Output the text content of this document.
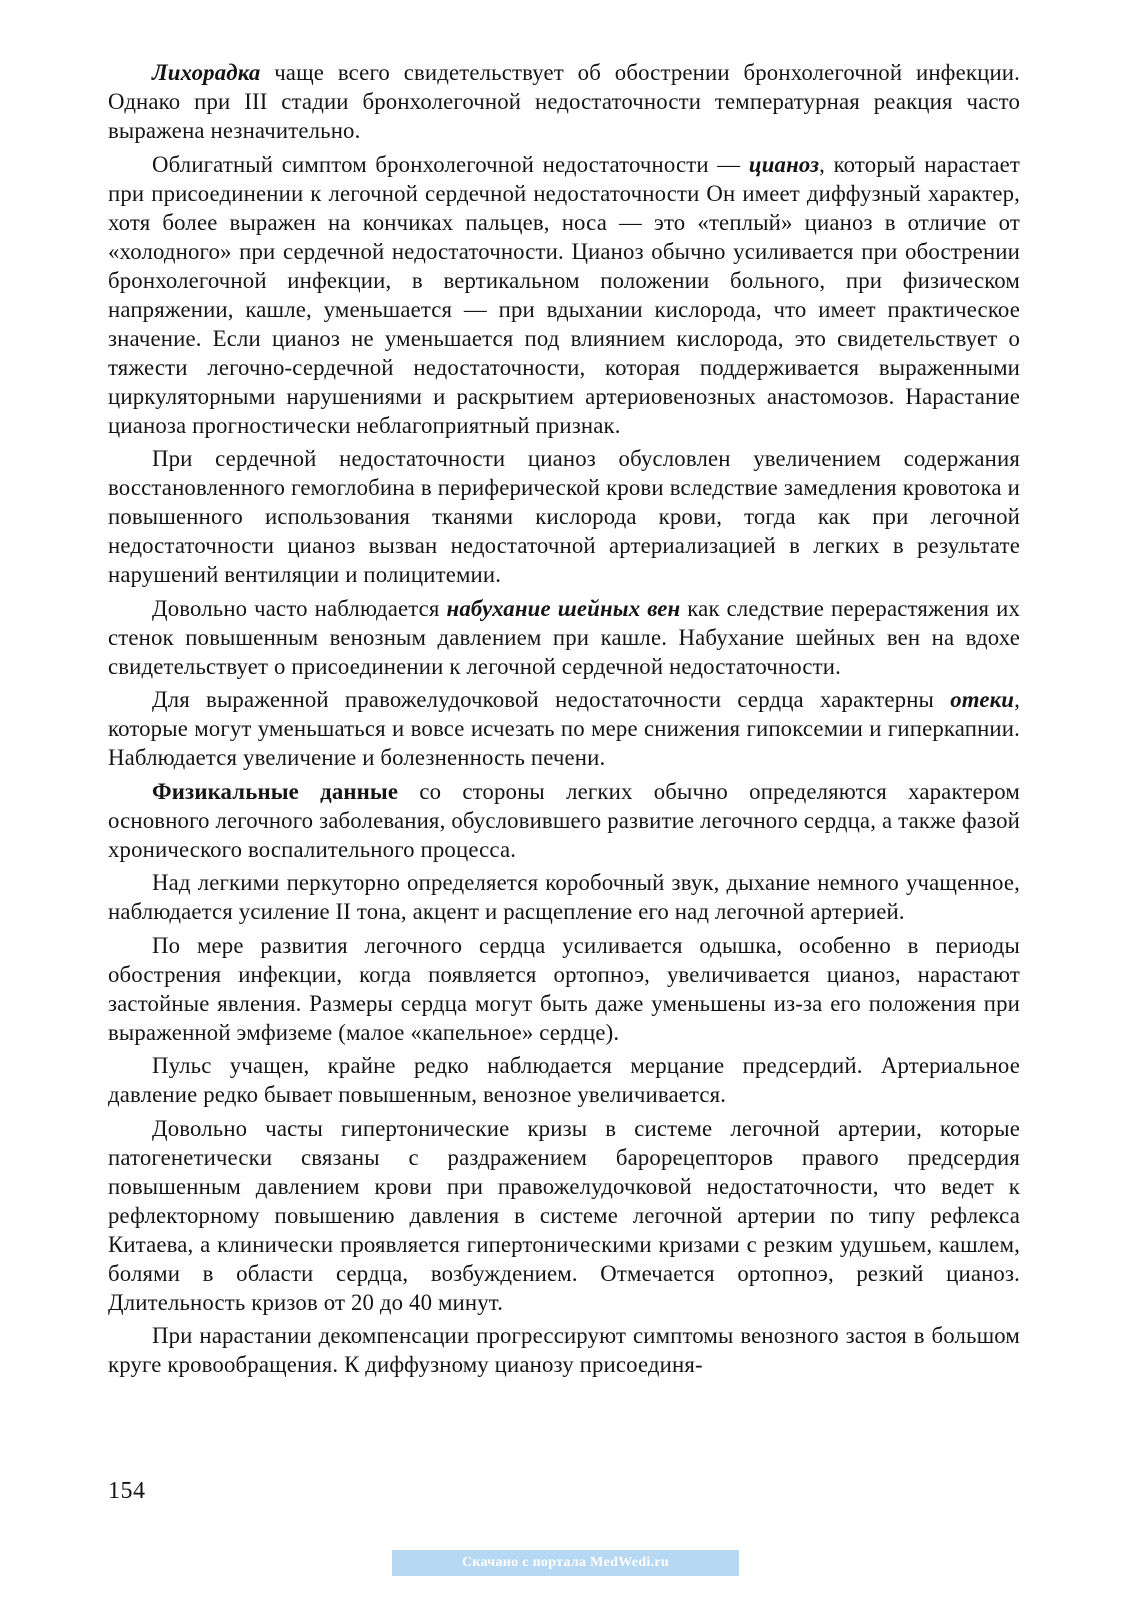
Лихорадка чаще всего свидетельствует об обострении бронхолегочной инфекции. Однако при III стадии бронхолегочной недостаточности температурная реакция часто выражена незначительно.

Облигатный симптом бронхолегочной недостаточности — цианоз, который нарастает при присоединении к легочной сердечной недостаточности Он имеет диффузный характер, хотя более выражен на кончиках пальцев, носа — это «теплый» цианоз в отличие от «холодного» при сердечной недостаточности. Цианоз обычно усиливается при обострении бронхолегочной инфекции, в вертикальном положении больного, при физическом напряжении, кашле, уменьшается — при вдыхании кислорода, что имеет практическое значение. Если цианоз не уменьшается под влиянием кислорода, это свидетельствует о тяжести легочно-сердечной недостаточности, которая поддерживается выраженными циркуляторными нарушениями и раскрытием артериовенозных анастомозов. Нарастание цианоза прогностически неблагоприятный признак.

При сердечной недостаточности цианоз обусловлен увеличением содержания восстановленного гемоглобина в периферической крови вследствие замедления кровотока и повышенного использования тканями кислорода крови, тогда как при легочной недостаточности цианоз вызван недостаточной артериализацией в легких в результате нарушений вентиляции и полицитемии.

Довольно часто наблюдается набухание шейных вен как следствие перерастяжения их стенок повышенным венозным давлением при кашле. Набухание шейных вен на вдохе свидетельствует о присоединении к легочной сердечной недостаточности.

Для выраженной правожелудочковой недостаточности сердца характерны отеки, которые могут уменьшаться и вовсе исчезать по мере снижения гипоксемии и гиперкапнии. Наблюдается увеличение и болезненность печени.

Физикальные данные со стороны легких обычно определяются характером основного легочного заболевания, обусловившего развитие легочного сердца, а также фазой хронического воспалительного процесса.

Над легкими перкуторно определяется коробочный звук, дыхание немного учащенное, наблюдается усиление II тона, акцент и расщепление его над легочной артерией.

По мере развития легочного сердца усиливается одышка, особенно в периоды обострения инфекции, когда появляется ортопноэ, увеличивается цианоз, нарастают застойные явления. Размеры сердца могут быть даже уменьшены из-за его положения при выраженной эмфиземе (малое «капельное» сердце).

Пульс учащен, крайне редко наблюдается мерцание предсердий. Артериальное давление редко бывает повышенным, венозное увеличивается.

Довольно часты гипертонические кризы в системе легочной артерии, которые патогенетически связаны с раздражением барорецепторов правого предсердия повышенным давлением крови при правожелудочковой недостаточности, что ведет к рефлекторному повышению давления в системе легочной артерии по типу рефлекса Китаева, а клинически проявляется гипертоническими кризами с резким удушьем, кашлем, болями в области сердца, возбуждением. Отмечается ортопноэ, резкий цианоз. Длительность кризов от 20 до 40 минут.

При нарастании декомпенсации прогрессируют симптомы венозного застоя в большом круге кровообращения. К диффузному цианозу присоединя-

154
Скачано с портала MedWedi.ru
